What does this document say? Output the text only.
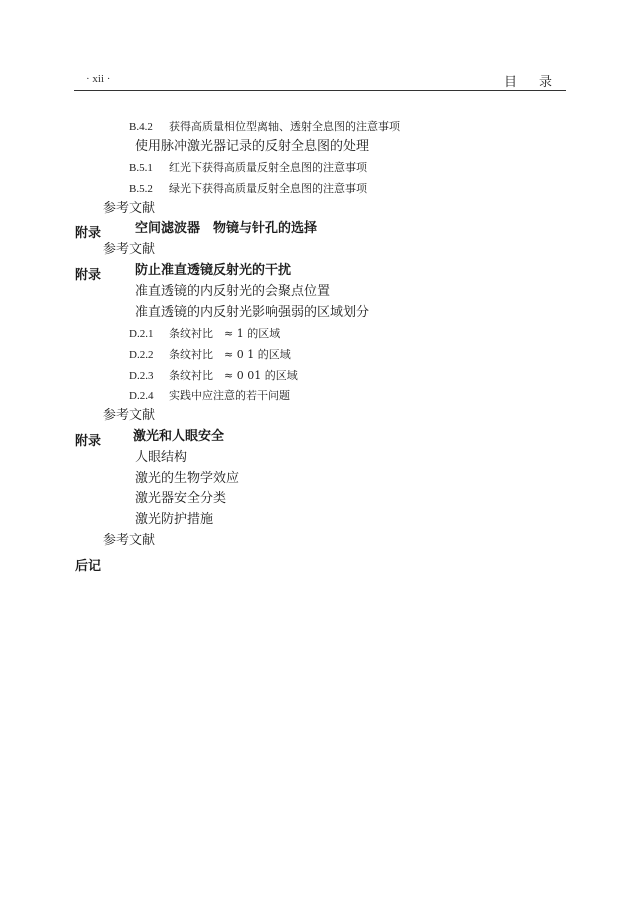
· xii ·	目录
B.4.2 获得高质量相位型离轴、透射全息图的注意事项
使用脉冲激光器记录的反射全息图的处理
B.5.1 红光下获得高质量反射全息图的注意事项
B.5.2 绿光下获得高质量反射全息图的注意事项
参考文献
附录	空间滤波器　物镜与针孔的选择
参考文献
附录	防止准直透镜反射光的干扰
准直透镜的内反射光的会聚点位置
准直透镜的内反射光影响强弱的区域划分
D.2.1 条纹衬比　≈ 1 的区域
D.2.2 条纹衬比　≈ 0 1 的区域
D.2.3 条纹衬比　≈ 0 01 的区域
D.2.4 实践中应注意的若干问题
参考文献
附录 激光和人眼安全
人眼结构
激光的生物学效应
激光器安全分类
激光防护措施
参考文献
后记
